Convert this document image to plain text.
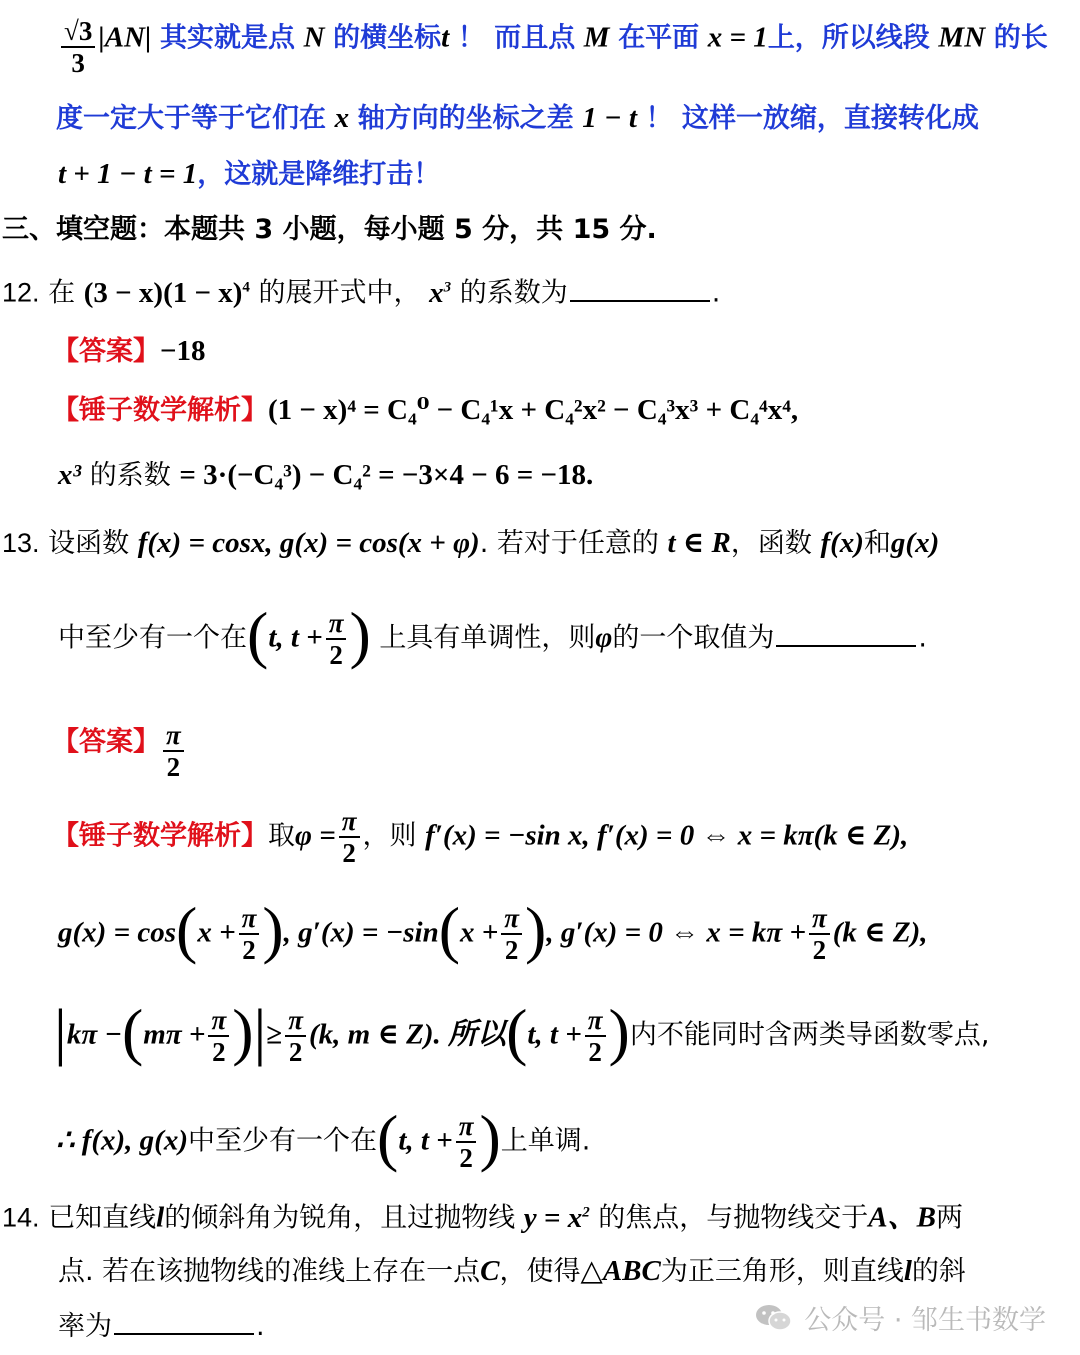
$\frac{√3}{3} |AN|$ 其实就是点 N 的横坐标t ！ 而且点 M 在平面 x = 1上，所以线段 MN 的长
度一定大于等于它们在 x 轴方向的坐标之差 1 − t ！ 这样一放缩，直接转化成
t + 1 − t = 1，这就是降维打击！
三、填空题：本题共 3 小题，每小题 5 分，共 15 分.
12. 在 $(3 - x)(1 - x)^4$ 的展开式中， $x^3$ 的系数为	.
【答案】−18
【锤子数学解析】(1 − x)⁴ = C₄⁰ − C₄¹x + C₄²x² − C₄³x³ + C₄⁴x⁴,
x³ 的系数 = 3·(−C₄³) − C₄² = −3×4 − 6 = −18.
13. 设函数 f(x) = cosx, g(x) = cos(x + φ). 若对于任意的 t ∈ R，函数 f(x)和g(x)
中至少有一个在(t, $t + \frac{\pi}{2}$ ) 上具有单调性，则φ的一个取值为	.
【答案】 $\frac{\pi}{2}$
【锤子数学解析】取$\varphi = \frac{\pi}{2}$ ，则 f′(x) = −sin x, f′(x) = 0 ⇔ x = kπ(k ∈ Z),
$g(x) = \cos(x + \frac{\pi}{2}$ ), $g'(x) = -\sin(x + \frac{\pi}{2}$ ), g′(x) = 0 ⇔ $x = k\pi + \frac{\pi}{2} (k$ ∈ Z),
$|k\pi -(m\pi + \frac{\pi}{2}$ )|≥ $\frac{\pi}{2} (k$, m ∈ Z). 所以(t, $t + \frac{\pi}{2}$ )内不能同时含两类导函数零点,
∴ f(x), g(x)中至少有一个在(t, $t + \frac{\pi}{2}$ )上单调.
14. 已知直线l的倾斜角为锐角，且过抛物线 $y = x^2$ 的焦点，与抛物线交于A、B两
点. 若在该抛物线的准线上存在一点C，使得△ABC为正三角形，则直线l的斜
率为	.	公众号 · 邹生书数学
